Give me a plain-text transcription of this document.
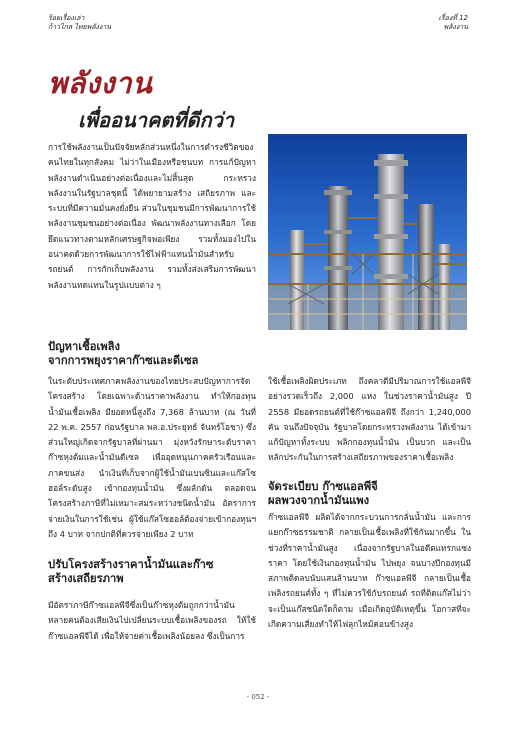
ร้อยเรื่องเล่า
ก้าวไกล ไทยพลังงาน
เรื่องที่ 12
พลังงาน
พลังงาน
เพื่ออนาคตที่ดีกว่า

การใช้พลังงานเป็นปัจจัยหลักส่วนหนึ่งในการดำรงชีวิตของคนไทยในทุกสังคม ไม่ว่าในเมืองหรือชนบท การแก้ปัญหาพลังงานดำเนินอย่างต่อเนื่องและไม่สิ้นสุด กระทรวงพลังงานในรัฐบาลชุดนี้ ได้พยายามสร้าง เสถียรภาพ และระบบที่มีความมั่นคงยั่งยืน ส่วนในชุมชนมีการพัฒนาการใช้พลังงานชุมชนอย่างต่อเนื่อง พัฒนาพลังงานทางเลือก โดยยึดแนวทางตามหลักเศรษฐกิจพอเพียง รวมทั้งมองไปในอนาคตด้วยการพัฒนาการใช้ไฟฟ้าแทนน้ำมันสำหรับ รถยนต์ การกักเก็บพลังงาน รวมทั้งส่งเสริมการพัฒนาพลังงานทดแทนในรูปแบบต่าง ๆ

ปัญหาเชื้อเพลิง
จากการพยุงราคาก๊าซและดีเซล

ในระดับประเทศภาคพลังงานของไทยประสบปัญหาการจัดโครงสร้าง โดยเฉพาะด้านราคาพลังงาน ทำให้กองทุนน้ำมันเชื้อเพลิง มียอดหนี้สูงถึง 7,368 ล้านบาท (ณ วันที่ 22 พ.ค. 2557 ก่อนรัฐบาล พล.อ.ประยุทธ์ จันทร์โอชา) ซึ่งส่วนใหญ่เกิดจากรัฐบาลที่ผ่านมา มุ่งหวังรักษาระดับราคาก๊าซหุงต้มและน้ำมันดีเซล เพื่ออุดหนุนภาคครัวเรือนและภาคขนส่ง นำเงินที่เก็บจากผู้ใช้น้ำมันเบนซินและแก๊สโซฮอล์ระดับสูง เข้ากองทุนน้ำมัน ซึ่งผลักดัน ตลอดจนโครงสร้างภาษีที่ไม่เหมาะสมระหว่างชนิดน้ำมัน อัตราการจ่ายเงินในการใช้เช่น ผู้ใช้แก๊สโซฮอล์ต้องจ่ายเข้ากองทุนฯ ถึง 4 บาท จากปกติที่ควรจ่ายเพียง 2 บาท

ใช้เชื้อเพลิงผิดประเภท ถึงคลาดีมีปริมาณการใช้แอลพีจีอย่างรวดเร็วถึง 2,000 แห่ง ในช่วงราคาน้ำมันสูง ปี 2558 มียอดรถยนต์ที่ใช้ก๊าซแอลพีจี ถึงกว่า 1,240,000 คัน จนถึงปัจจุบัน รัฐบาลโดยกระทรวงพลังงาน ได้เข้ามาแก้ปัญหาทั้งระบบ พลิกกองทุนน้ำมัน เป็นบวก และเป็นหลักประกันในการสร้างเสถียรภาพของราคาเชื้อเพลิง

จัดระเบียบ ก๊าซแอลพีจี
ผลพวงจากน้ำมันแพง

ก๊าซแอลพีจี ผลิตได้จากกระบวนการกลั่นน้ำมัน และการแยกก๊าซธรรมชาติ กลายเป็นเชื้อเพลิงที่ใช้กันมากขึ้น ในช่วงที่ราคาน้ำมันสูง เนื่องจากรัฐบาลในอดีตแทรกแซงราคา โดยใช้เงินกองทุนน้ำมัน ไปพยุง จนบางปีกองทุนมีสภาพติดลบนับแสนล้านบาท ก๊าซแอลพีจี กลายเป็นเชื้อเพลิงรถยนต์ทั้ง ๆ ที่ไม่ควรใช้กับรถยนต์ รถที่ติดแก๊สไม่ว่าจะเป็นแก๊สชนิดใดก็ตาม เมื่อเกิดอุบัติเหตุขึ้น โอกาสที่จะเกิดความเสี่ยงทำให้ไฟลุกไหม้ค่อนข้างสูง

ปรับโครงสร้างราคาน้ำมันและก๊าซ
สร้างเสถียรภาพ

มีอัตราภาษีก๊าซแอลพีจีซึ่งเป็นก๊าซหุงต้มถูกกว่าน้ำมัน หลายคนต้องเสียเงินไปเปลี่ยนระบบเชื้อเพลิงของรถ ให้ใช้ก๊าซแอลพีจีได้ เพื่อให้จ่ายค่าเชื้อเพลิงน้อยลง ซึ่งเป็นการ

- 052 -
